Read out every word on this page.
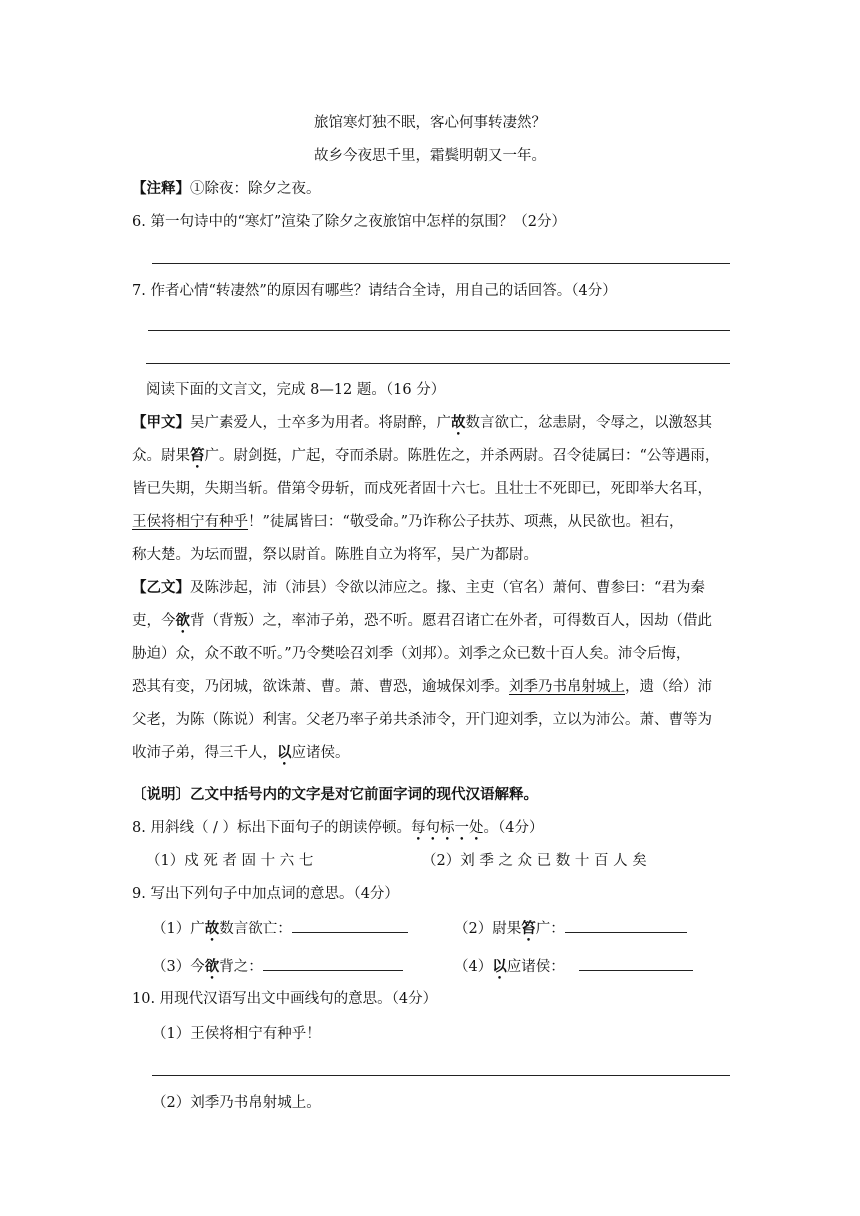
旅馆寒灯独不眠，客心何事转凄然？
故乡今夜思千里，霜鬓明朝又一年。
【注释】①除夜：除夕之夜。
6. 第一句诗中的“寒灯”渲染了除夕之夜旅馆中怎样的氛围？（2分）
7. 作者心情“转凄然”的原因有哪些？请结合全诗，用自己的话回答。（4分）
阅读下面的文言文，完成 8—12 题。（16 分）
【甲文】吴广素爱人，士卒多为用者。将尉醉，广故数言欲亡，忿恚尉，令辱之，以激怒其
众。尉果笞广。尉剑挺，广起，夺而杀尉。陈胜佐之，并杀两尉。召令徒属曰：“公等遇雨，
皆已失期，失期当斩。借第令毋斩，而戍死者固十六七。且壮士不死即已，死即举大名耳，
王侯将相宁有种乎！”徒属皆曰：“敬受命。”乃诈称公子扶苏、项燕，从民欲也。袒右，
称大楚。为坛而盟，祭以尉首。陈胜自立为将军，吴广为都尉。
【乙文】及陈涉起，沛（沛县）令欲以沛应之。掾、主吏（官名）萧何、曹参曰：“君为秦
吏，今欲背（背叛）之，率沛子弟，恐不听。愿君召诸亡在外者，可得数百人，因劫（借此
胁迫）众，众不敢不听。”乃令樊哙召刘季（刘邦）。刘季之众已数十百人矣。沛令后悔，
恐其有变，乃闭城，欲诛萧、曹。萧、曹恐，逾城保刘季。刘季乃书帛射城上，遗（给）沛
父老，为陈（陈说）利害。父老乃率子弟共杀沛令，开门迎刘季，立以为沛公。萧、曹等为
收沛子弟，得三千人，以应诸侯。
〔说明〕乙文中括号内的文字是对它前面字词的现代汉语解释。
8. 用斜线（ / ）标出下面句子的朗读停顿。每句标一处。（4分）
（1）戍 死 者 固 十 六 七	（2）刘 季 之 众 已 数 十 百 人 矣
9. 写出下列句子中加点词的意思。（4分）
（1）广故数言欲亡：	（2）尉果笞广：
（3）今欲背之：	（4）以应诸侯：
10. 用现代汉语写出文中画线句的意思。（4分）
（1）王侯将相宁有种乎！
（2）刘季乃书帛射城上。
